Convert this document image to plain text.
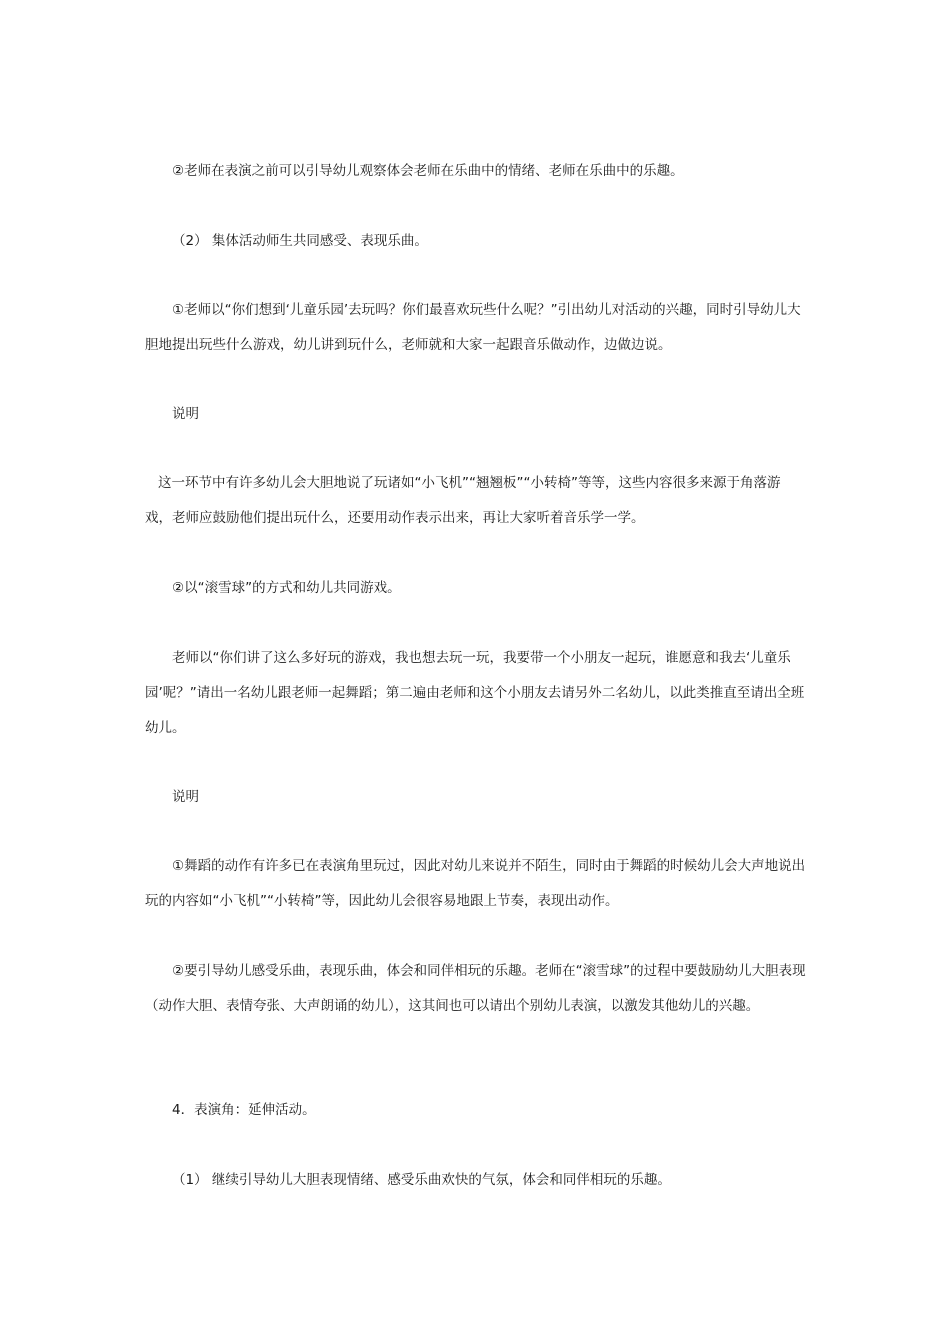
②老师在表演之前可以引导幼儿观察体会老师在乐曲中的情绪、老师在乐曲中的乐趣。

（2） 集体活动师生共同感受、表现乐曲。

①老师以“你们想到‘儿童乐园’去玩吗？你们最喜欢玩些什么呢？”引出幼儿对活动的兴趣，同时引导幼儿大胆地提出玩些什么游戏，幼儿讲到玩什么，老师就和大家一起跟音乐做动作，边做边说。

说明

这一环节中有许多幼儿会大胆地说了玩诸如“小飞机”“翘翘板”“小转椅”等等，这些内容很多来源于角落游戏，老师应鼓励他们提出玩什么，还要用动作表示出来，再让大家听着音乐学一学。

②以“滚雪球”的方式和幼儿共同游戏。

老师以“你们讲了这么多好玩的游戏，我也想去玩一玩，我要带一个小朋友一起玩，谁愿意和我去‘儿童乐园’呢？”请出一名幼儿跟老师一起舞蹈；第二遍由老师和这个小朋友去请另外二名幼儿，以此类推直至请出全班幼儿。

说明

①舞蹈的动作有许多已在表演角里玩过，因此对幼儿来说并不陌生，同时由于舞蹈的时候幼儿会大声地说出玩的内容如“小飞机”“小转椅”等，因此幼儿会很容易地跟上节奏，表现出动作。

②要引导幼儿感受乐曲，表现乐曲，体会和同伴相玩的乐趣。老师在“滚雪球”的过程中要鼓励幼儿大胆表现（动作大胆、表情夸张、大声朗诵的幼儿），这其间也可以请出个别幼儿表演，以激发其他幼儿的兴趣。

4．表演角：延伸活动。

（1） 继续引导幼儿大胆表现情绪、感受乐曲欢快的气氛，体会和同伴相玩的乐趣。
